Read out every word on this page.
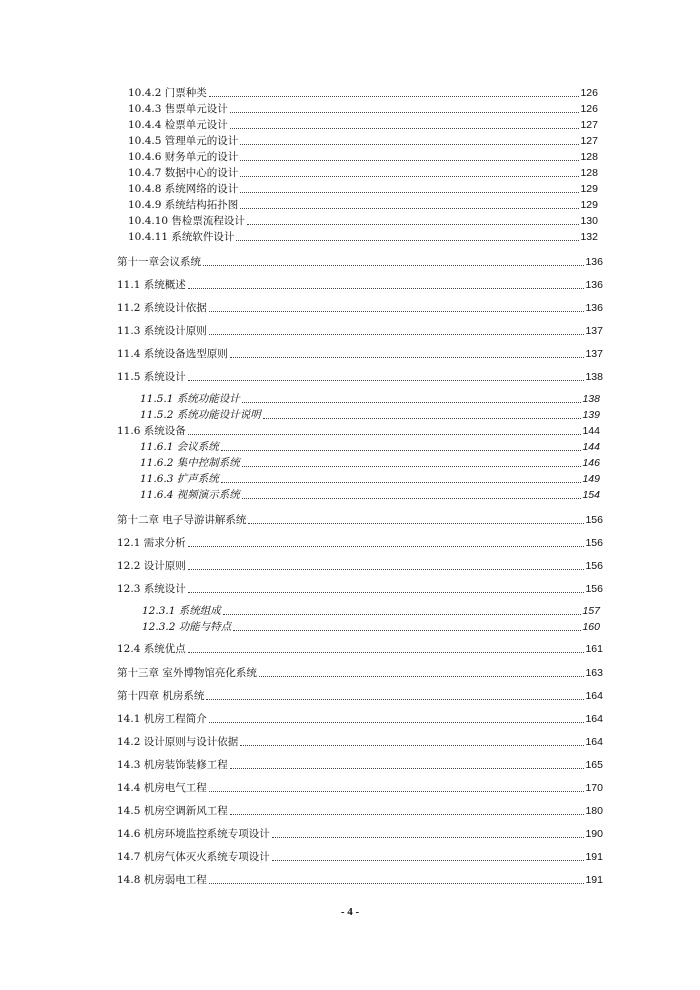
10.4.2 门票种类	126
10.4.3 售票单元设计	126
10.4.4 检票单元设计	127
10.4.5 管理单元的设计	127
10.4.6 财务单元的设计	128
10.4.7 数据中心的设计	128
10.4.8 系统网络的设计	129
10.4.9 系统结构拓扑图	129
10.4.10 售检票流程设计	130
10.4.11 系统软件设计	132
第十一章会议系统	136
11.1 系统概述	136
11.2 系统设计依据	136
11.3 系统设计原则	137
11.4 系统设备选型原则	137
11.5 系统设计	138
11.5.1 系统功能设计	138
11.5.2 系统功能设计说明	139
11.6 系统设备	144
11.6.1 会议系统	144
11.6.2 集中控制系统	146
11.6.3 扩声系统	149
11.6.4 视频演示系统	154
第十二章 电子导游讲解系统	156
12.1 需求分析	156
12.2 设计原则	156
12.3 系统设计	156
12.3.1 系统组成	157
12.3.2 功能与特点	160
12.4 系统优点	161
第十三章 室外博物馆亮化系统	163
第十四章 机房系统	164
14.1 机房工程简介	164
14.2 设计原则与设计依据	164
14.3 机房装饰装修工程	165
14.4 机房电气工程	170
14.5 机房空调新风工程	180
14.6 机房环境监控系统专项设计	190
14.7 机房气体灭火系统专项设计	191
14.8 机房弱电工程	191
- 4 -
